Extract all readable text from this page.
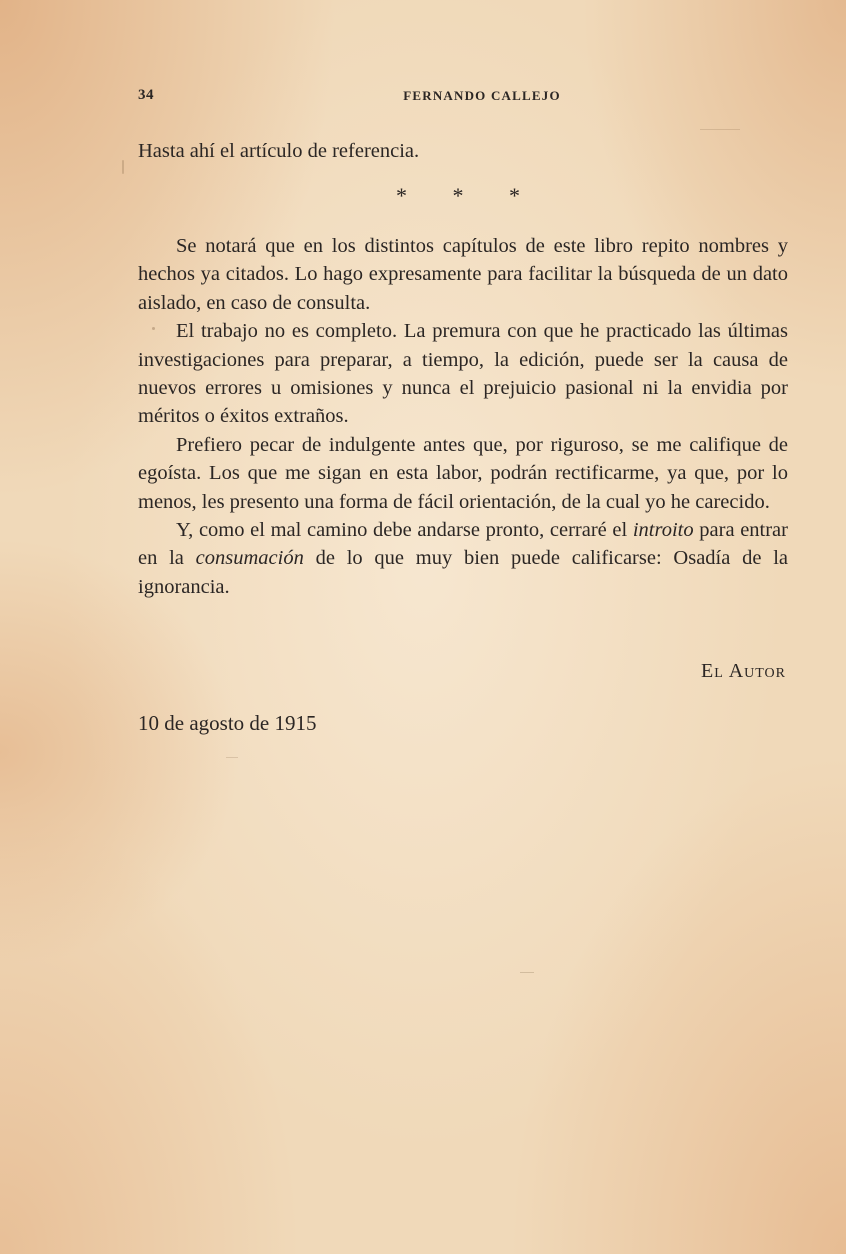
34	FERNANDO CALLEJO
Hasta ahí el artículo de referencia.
* * *

Se notará que en los distintos capítulos de este libro repito nombres y hechos ya citados. Lo hago expresamente para facilitar la búsqueda de un dato aislado, en caso de consulta.

El trabajo no es completo. La premura con que he practicado las últimas investigaciones para preparar, a tiempo, la edición, puede ser la causa de nuevos errores u omisiones y nunca el prejuicio pasional ni la envidia por méritos o éxitos extraños.

Prefiero pecar de indulgente antes que, por riguroso, se me califique de egoísta. Los que me sigan en esta labor, podrán rectificarme, ya que, por lo menos, les presento una forma de fácil orientación, de la cual yo he carecido.

Y, como el mal camino debe andarse pronto, cerraré el introito para entrar en la consumación de lo que muy bien puede calificarse: Osadía de la ignorancia.

El Autor
10 de agosto de 1915
